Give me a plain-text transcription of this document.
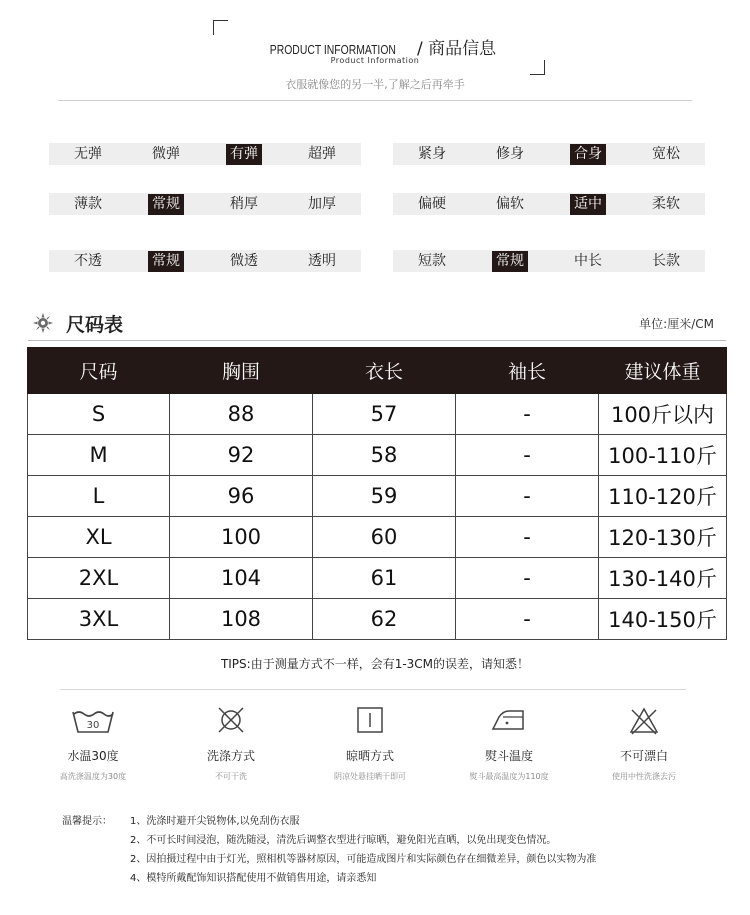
PRODUCT INFORMATION / 商品信息
Product Information
衣服就像您的另一半,了解之后再牵手
无弹	微弹	有弹	超弹	紧身	修身	合身	宽松
薄款	常规	稍厚	加厚	偏硬	偏软	适中	柔软
不透	常规	微透	透明	短款	常规	中长	长款
尺码表	单位:厘米/CM
尺码	胸围	衣长	袖长	建议体重
S	88	57	-	100斤以内
M	92	58	-	100-110斤
L	96	59	-	110-120斤
XL	100	60	-	120-130斤
2XL	104	61	-	130-140斤
3XL	108	62	-	140-150斤
TIPS:由于测量方式不一样，会有1-3CM的误差，请知悉！
30
水温30度
高洗涤温度为30度
洗涤方式
不可干洗
晾晒方式
阴凉处悬挂晒干即可
熨斗温度
熨斗最高温度为110度
不可漂白
使用中性洗涤去污
温馨提示：	1、洗涤时避开尖锐物体,以免刮伤衣服
2、不可长时间浸泡，随洗随浸，清洗后调整衣型进行晾晒，避免阳光直晒，以免出现变色情况。
2、因拍摄过程中由于灯光，照相机等器材原因，可能造成图片和实际颜色存在细微差异，颜色以实物为准
4、模特所戴配饰知识搭配使用不做销售用途，请亲悉知
